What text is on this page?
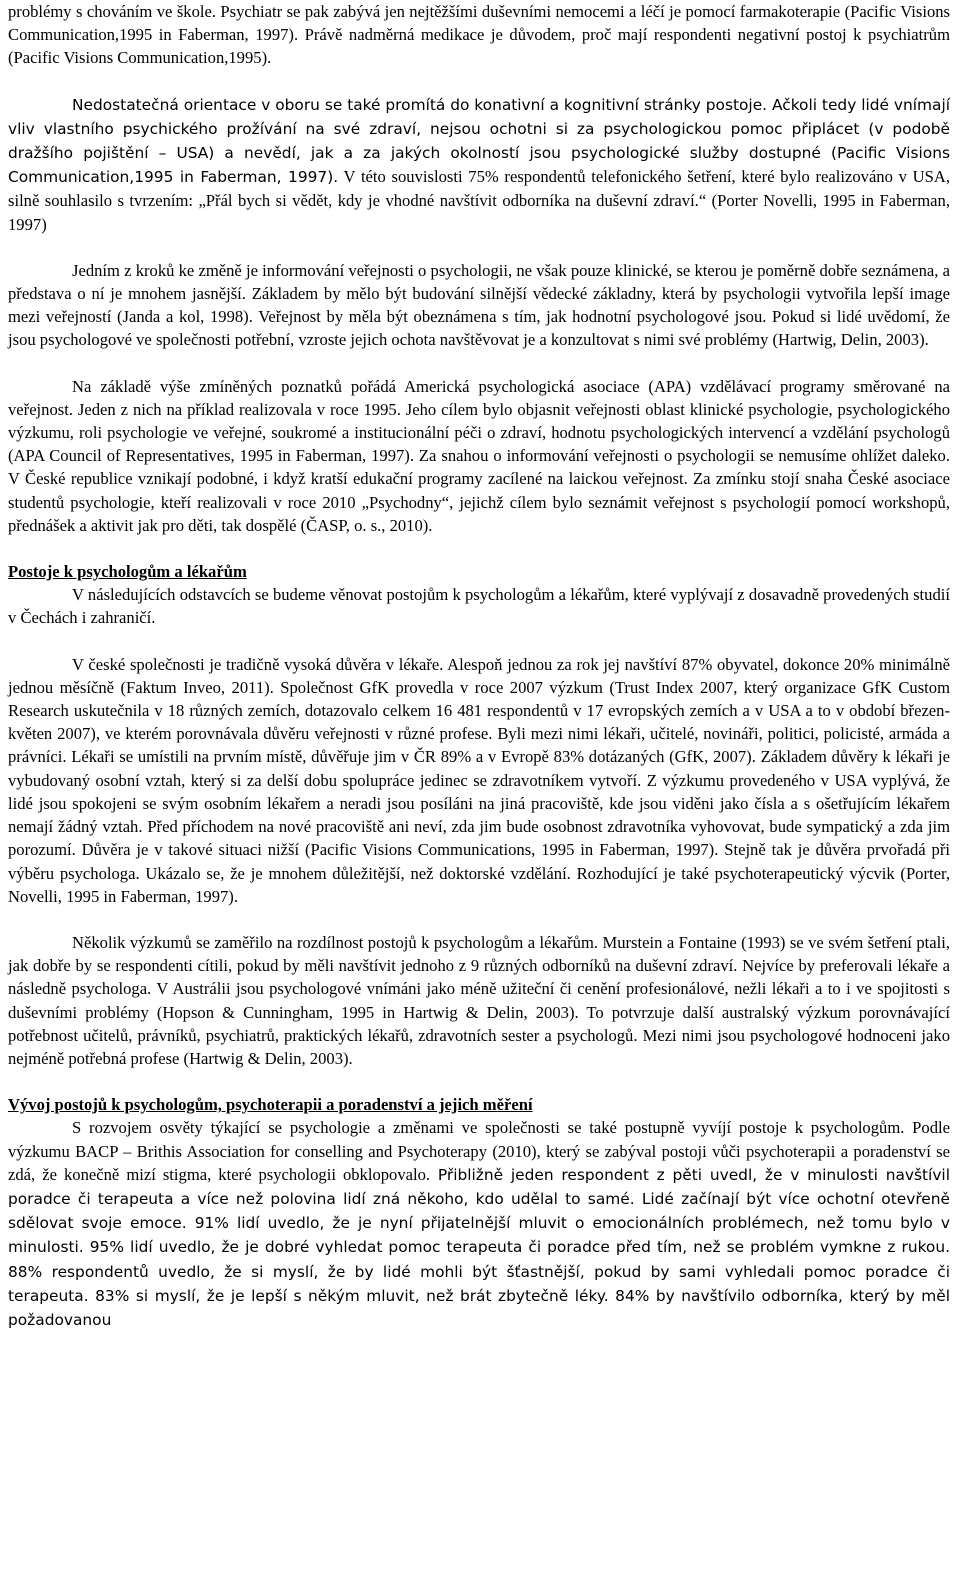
problémy s chováním ve škole. Psychiatr se pak zabývá jen nejtěžšími duševními nemocemi a léčí je pomocí farmakoterapie (Pacific Visions Communication,1995 in Faberman, 1997). Právě nadměrná medikace je důvodem, proč mají respondenti negativní postoj k psychiatrům (Pacific Visions Communication,1995).

Nedostatečná orientace v oboru se také promítá do konativní a kognitivní stránky postoje. Ačkoli tedy lidé vnímají vliv vlastního psychického prožívání na své zdraví, nejsou ochotni si za psychologickou pomoc připlácet (v podobě dražšího pojištění – USA) a nevědí, jak a za jakých okolností jsou psychologické služby dostupné (Pacific Visions Communication,1995 in Faberman, 1997). V této souvislosti 75% respondentů telefonického šetření, které bylo realizováno v USA, silně souhlasilo s tvrzením: „Přál bych si vědět, kdy je vhodné navštívit odborníka na duševní zdraví.“ (Porter Novelli, 1995 in Faberman, 1997)

Jedním z kroků ke změně je informování veřejnosti o psychologii, ne však pouze klinické, se kterou je poměrně dobře seznámena, a představa o ní je mnohem jasnější. Základem by mělo být budování silnější vědecké základny, která by psychologii vytvořila lepší image mezi veřejností (Janda a kol, 1998). Veřejnost by měla být obeznámena s tím, jak hodnotní psychologové jsou. Pokud si lidé uvědomí, že jsou psychologové ve společnosti potřební, vzroste jejich ochota navštěvovat je a konzultovat s nimi své problémy (Hartwig, Delin, 2003).

Na základě výše zmíněných poznatků pořádá Americká psychologická asociace (APA) vzdělávací programy směrované na veřejnost. Jeden z nich na příklad realizovala v roce 1995. Jeho cílem bylo objasnit veřejnosti oblast klinické psychologie, psychologického výzkumu, roli psychologie ve veřejné, soukromé a institucionální péči o zdraví, hodnotu psychologických intervencí a vzdělání psychologů (APA Council of Representatives, 1995 in Faberman, 1997). Za snahou o informování veřejnosti o psychologii se nemusíme ohlížet daleko. V České republice vznikají podobné, i když kratší edukační programy zacílené na laickou veřejnost. Za zmínku stojí snaha České asociace studentů psychologie, kteří realizovali v roce 2010 „Psychodny“, jejichž cílem bylo seznámit veřejnost s psychologií pomocí workshopů, přednášek a aktivit jak pro děti, tak dospělé (ČASP, o. s., 2010).

Postoje k psychologům a lékařům

V následujících odstavcích se budeme věnovat postojům k psychologům a lékařům, které vyplývají z dosavadně provedených studií v Čechách i zahraničí.

V české společnosti je tradičně vysoká důvěra v lékaře. Alespoň jednou za rok jej navštíví 87% obyvatel, dokonce 20% minimálně jednou měsíčně (Faktum Inveo, 2011). Společnost GfK provedla v roce 2007 výzkum (Trust Index 2007, který organizace GfK Custom Research uskutečnila v 18 různých zemích, dotazovalo celkem 16 481 respondentů v 17 evropských zemích a v USA a to v období březen-květen 2007), ve kterém porovnávala důvěru veřejnosti v různé profese. Byli mezi nimi lékaři, učitelé, novináři, politici, policisté, armáda a právníci. Lékaři se umístili na prvním místě, důvěřuje jim v ČR 89% a v Evropě 83% dotázaných (GfK, 2007). Základem důvěry k lékaři je vybudovaný osobní vztah, který si za delší dobu spolupráce jedinec se zdravotníkem vytvoří. Z výzkumu provedeného v USA vyplývá, že lidé jsou spokojeni se svým osobním lékařem a neradi jsou posíláni na jiná pracoviště, kde jsou viděni jako čísla a s ošetřujícím lékařem nemají žádný vztah. Před příchodem na nové pracoviště ani neví, zda jim bude osobnost zdravotníka vyhovovat, bude sympatický a zda jim porozumí. Důvěra je v takové situaci nižší (Pacific Visions Communications, 1995 in Faberman, 1997). Stejně tak je důvěra prvořadá při výběru psychologa. Ukázalo se, že je mnohem důležitější, než doktorské vzdělání. Rozhodující je také psychoterapeutický výcvik (Porter, Novelli, 1995 in Faberman, 1997).

Několik výzkumů se zaměřilo na rozdílnost postojů k psychologům a lékařům. Murstein a Fontaine (1993) se ve svém šetření ptali, jak dobře by se respondenti cítili, pokud by měli navštívit jednoho z 9 různých odborníků na duševní zdraví. Nejvíce by preferovali lékaře a následně psychologa. V Austrálii jsou psychologové vnímáni jako méně užiteční či cenění profesionálové, nežli lékaři a to i ve spojitosti s duševními problémy (Hopson & Cunningham, 1995 in Hartwig & Delin, 2003). To potvrzuje další australský výzkum porovnávající potřebnost učitelů, právníků, psychiatrů, praktických lékařů, zdravotních sester a psychologů. Mezi nimi jsou psychologové hodnoceni jako nejméně potřebná profese (Hartwig & Delin, 2003).

Vývoj postojů k psychologům, psychoterapii a poradenství a jejich měření

S rozvojem osvěty týkající se psychologie a změnami ve společnosti se také postupně vyvíjí postoje k psychologům. Podle výzkumu BACP – Brithis Association for conselling and Psychoterapy (2010), který se zabýval postoji vůči psychoterapii a poradenství se zdá, že konečně mizí stigma, které psychologii obklopovalo. Přibližně jeden respondent z pěti uvedl, že v minulosti navštívil poradce či terapeuta a více než polovina lidí zná někoho, kdo udělal to samé. Lidé začínají být více ochotní otevřeně sdělovat svoje emoce. 91% lidí uvedlo, že je nyní přijatelnější mluvit o emocionálních problémech, než tomu bylo v minulosti. 95% lidí uvedlo, že je dobré vyhledat pomoc terapeuta či poradce před tím, než se problém vymkne z rukou. 88% respondentů uvedlo, že si myslí, že by lidé mohli být šťastnější, pokud by sami vyhledali pomoc poradce či terapeuta. 83% si myslí, že je lepší s někým mluvit, než brát zbytečně léky. 84% by navštívilo odborníka, který by měl požadovanou
